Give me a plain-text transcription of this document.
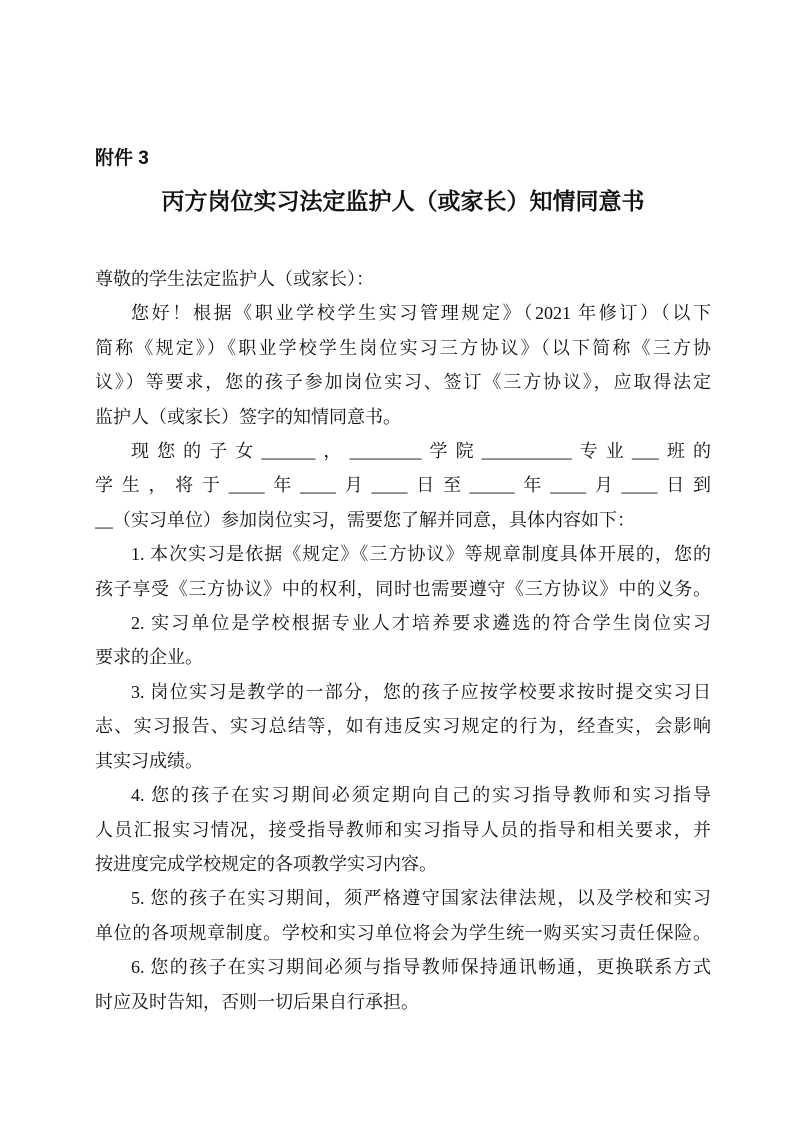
附件 3
丙方岗位实习法定监护人（或家长）知情同意书
尊敬的学生法定监护人（或家长）：
您好！根据《职业学校学生实习管理规定》（2021 年修订）（以下
简称《规定》）《职业学校学生岗位实习三方协议》（以下简称《三方协
议》）等要求，您的孩子参加岗位实习、签订《三方协议》，应取得法定
监护人（或家长）签字的知情同意书。
现您的子女______，________学院__________专业___班的
学生，将于____年____月____日至_____年____月____日到
__（实习单位）参加岗位实习，需要您了解并同意，具体内容如下：
1. 本次实习是依据《规定》《三方协议》等规章制度具体开展的，您的
孩子享受《三方协议》中的权利，同时也需要遵守《三方协议》中的义务。
2. 实习单位是学校根据专业人才培养要求遴选的符合学生岗位实习
要求的企业。
3. 岗位实习是教学的一部分，您的孩子应按学校要求按时提交实习日
志、实习报告、实习总结等，如有违反实习规定的行为，经查实，会影响
其实习成绩。
4. 您的孩子在实习期间必须定期向自己的实习指导教师和实习指导
人员汇报实习情况，接受指导教师和实习指导人员的指导和相关要求，并
按进度完成学校规定的各项教学实习内容。
5. 您的孩子在实习期间，须严格遵守国家法律法规，以及学校和实习
单位的各项规章制度。学校和实习单位将会为学生统一购买实习责任保险。
6. 您的孩子在实习期间必须与指导教师保持通讯畅通，更换联系方式
时应及时告知，否则一切后果自行承担。
